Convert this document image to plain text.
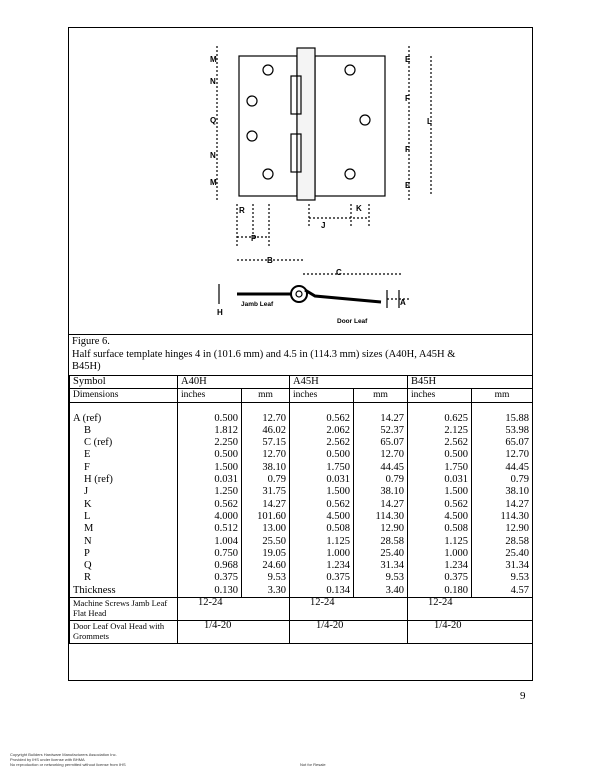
M
N
Q
N
M
E
F
F
E
L
R
P
J
K
B
C
H
A
Jamb Leaf
Door Leaf
Figure 6.
Half surface template hinges 4 in (101.6 mm) and 4.5 in (114.3 mm) sizes (A40H, A45H &
B45H)
Symbol	A40H		A45H		B45H	
Dimensions	inches	mm	inches	mm	inches	mm

A (ref)	0.500	12.70	0.562	14.27	0.625	15.88
B	1.812	46.02	2.062	52.37	2.125	53.98
C (ref)	2.250	57.15	2.562	65.07	2.562	65.07
E	0.500	12.70	0.500	12.70	0.500	12.70
F	1.500	38.10	1.750	44.45	1.750	44.45
H (ref)	0.031	0.79	0.031	0.79	0.031	0.79
J	1.250	31.75	1.500	38.10	1.500	38.10
K	0.562	14.27	0.562	14.27	0.562	14.27
L	4.000	101.60	4.500	114.30	4.500	114.30
M	0.512	13.00	0.508	12.90	0.508	12.90
N	1.004	25.50	1.125	28.58	1.125	28.58
P	0.750	19.05	1.000	25.40	1.000	25.40
Q	0.968	24.60	1.234	31.34	1.234	31.34
R	0.375	9.53	0.375	9.53	0.375	9.53
Thickness	0.130	3.30	0.134	3.40	0.180	4.57
Machine Screws Jamb Leaf Flat Head	12-24		12-24		12-24	
Door Leaf Oval Head with Grommets	1/4-20		1/4-20		1/4-20	
9
Copyright Builders Hardware Manufacturers Association Inc.
Provided by IHS under license with BHMA
No reproduction or networking permitted without license from IHS	Not for Resale
